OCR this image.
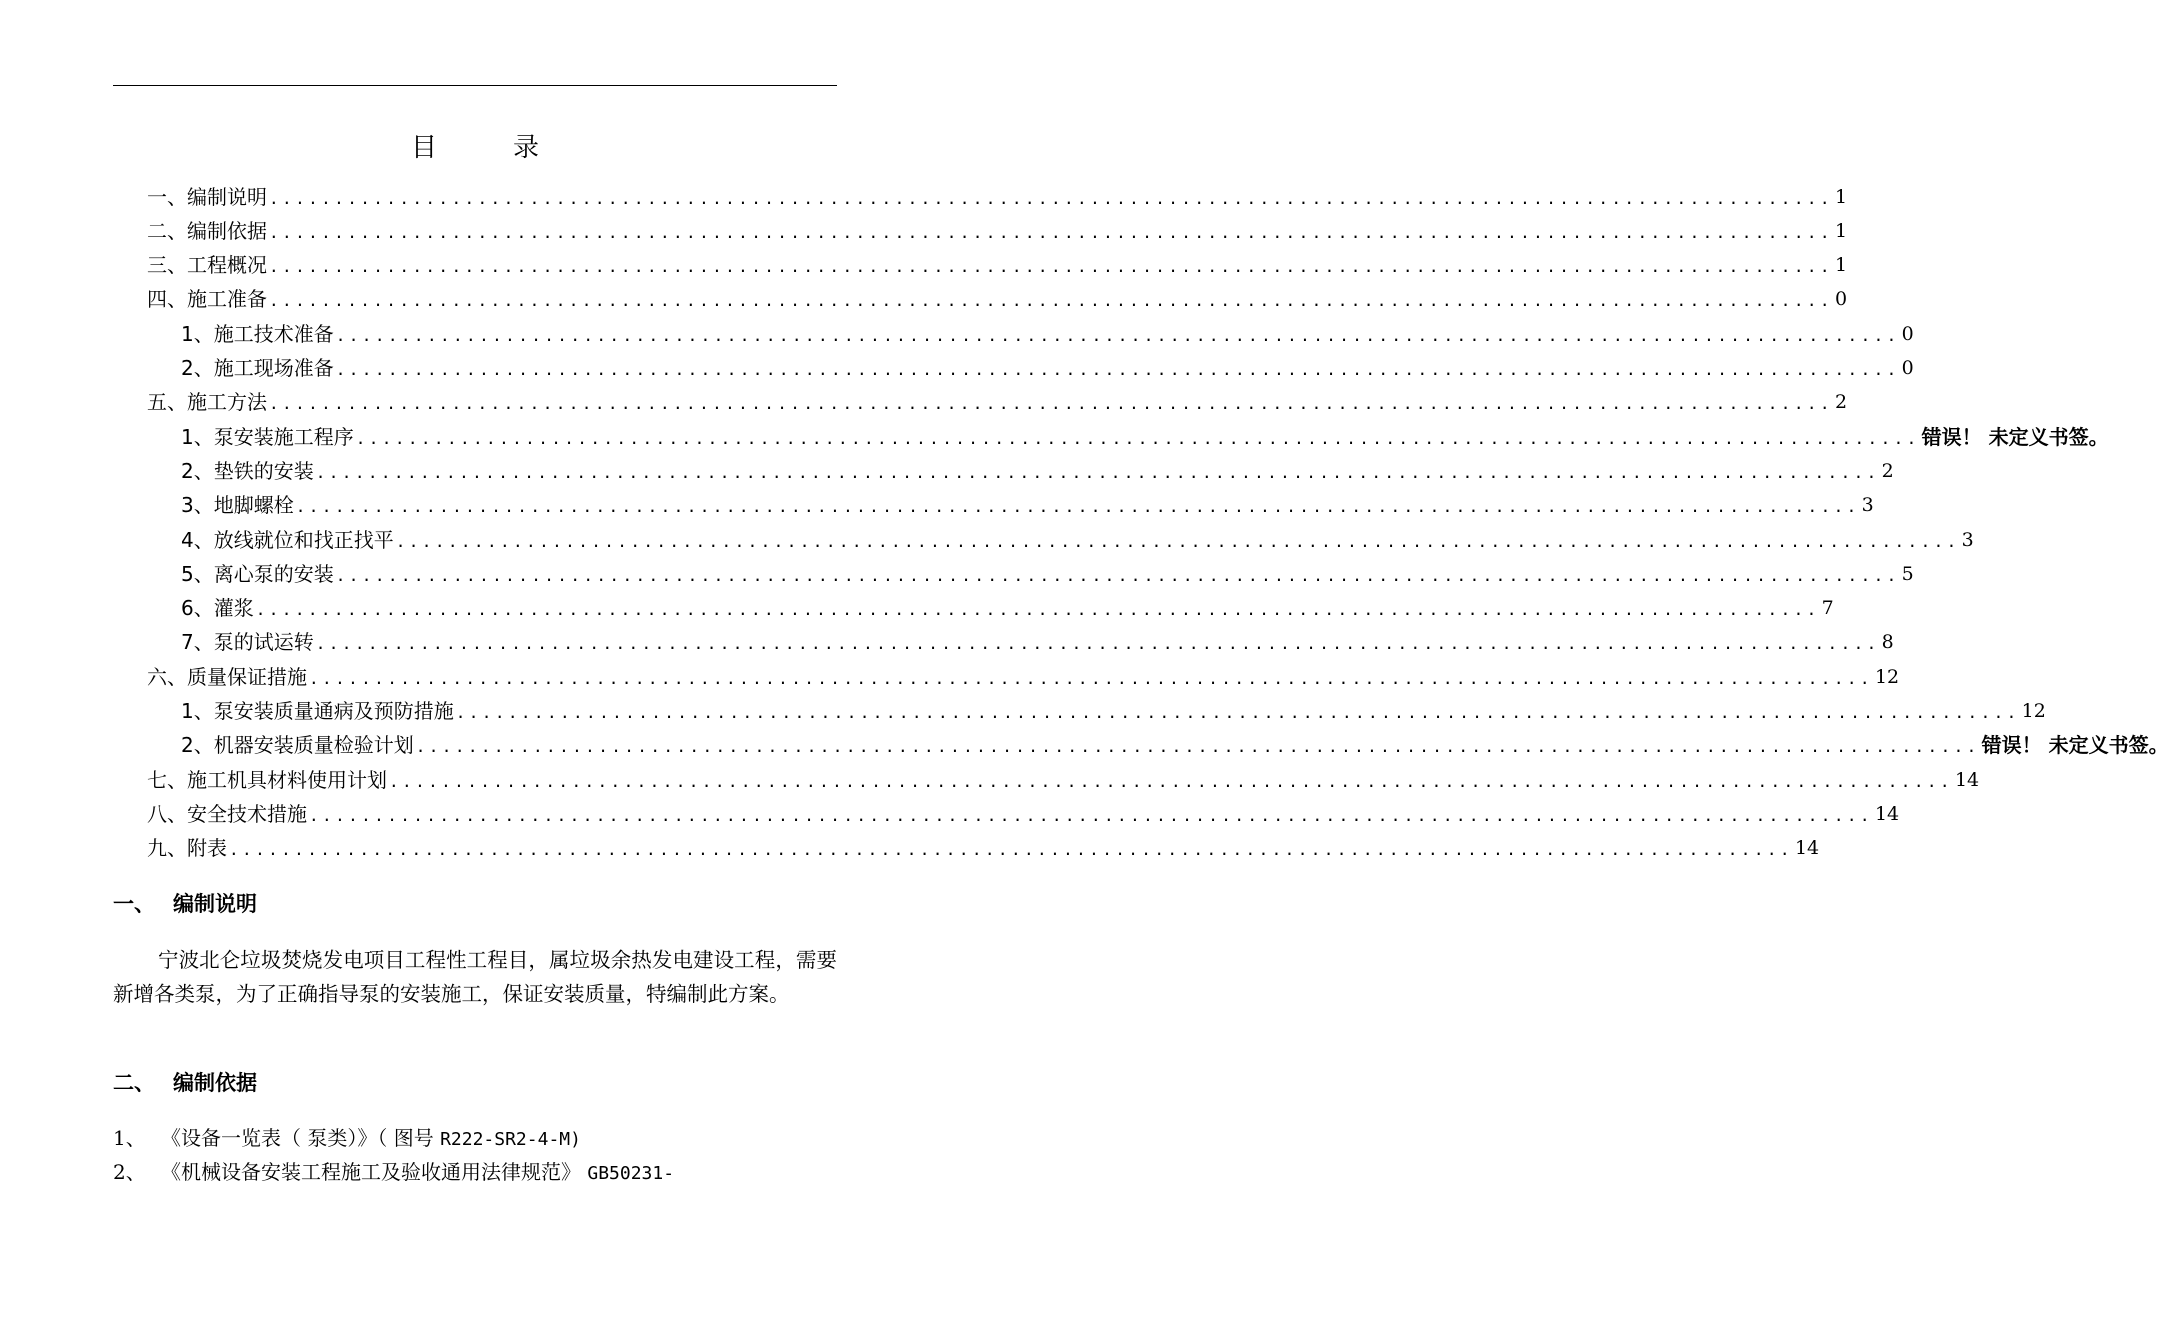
目	录
一、 编制说明 ........................................................................................................................ 1
二、 编制依据 ........................................................................................................................ 1
三、 工程概况 ........................................................................................................................ 1
四、 施工准备 ........................................................................................................................ 0
1、 施工技术准备 ........................................................................................................................ 0
2、 施工现场准备 ........................................................................................................................ 0
五、 施工方法 ........................................................................................................................ 2
1、 泵安装施工程序 ........................................................................................................................ 错误！ 未定义书签。
2、 垫铁的安装 ........................................................................................................................ 2
3、 地脚螺栓 ........................................................................................................................ 3
4、 放线就位和找正找平 ........................................................................................................................ 3
5、 离心泵的安装 ........................................................................................................................ 5
6、 灌浆 ........................................................................................................................ 7
7、 泵的试运转 ........................................................................................................................ 8
六、 质量保证措施 ........................................................................................................................ 12
1、 泵安装质量通病及预防措施 ........................................................................................................................ 12
2、 机器安装质量检验计划 ........................................................................................................................ 错误！ 未定义书签。
七、 施工机具材料使用计划 ........................................................................................................................ 14
八、 安全技术措施 ........................................................................................................................ 14
九、 附表 ........................................................................................................................ 14
一、 编制说明
宁波北仑垃圾焚烧发电项目工程性工程目，属垃圾余热发电建设工程，需要新增各类泵，为了正确指导泵的安装施工，保证安装质量，特编制此方案。
二、 编制依据
1、 《设备一览表（ 泵类）》（ 图号 R222-SR2-4-M)
2、 《机械设备安装工程施工及验收通用法律规范》 GB50231-
